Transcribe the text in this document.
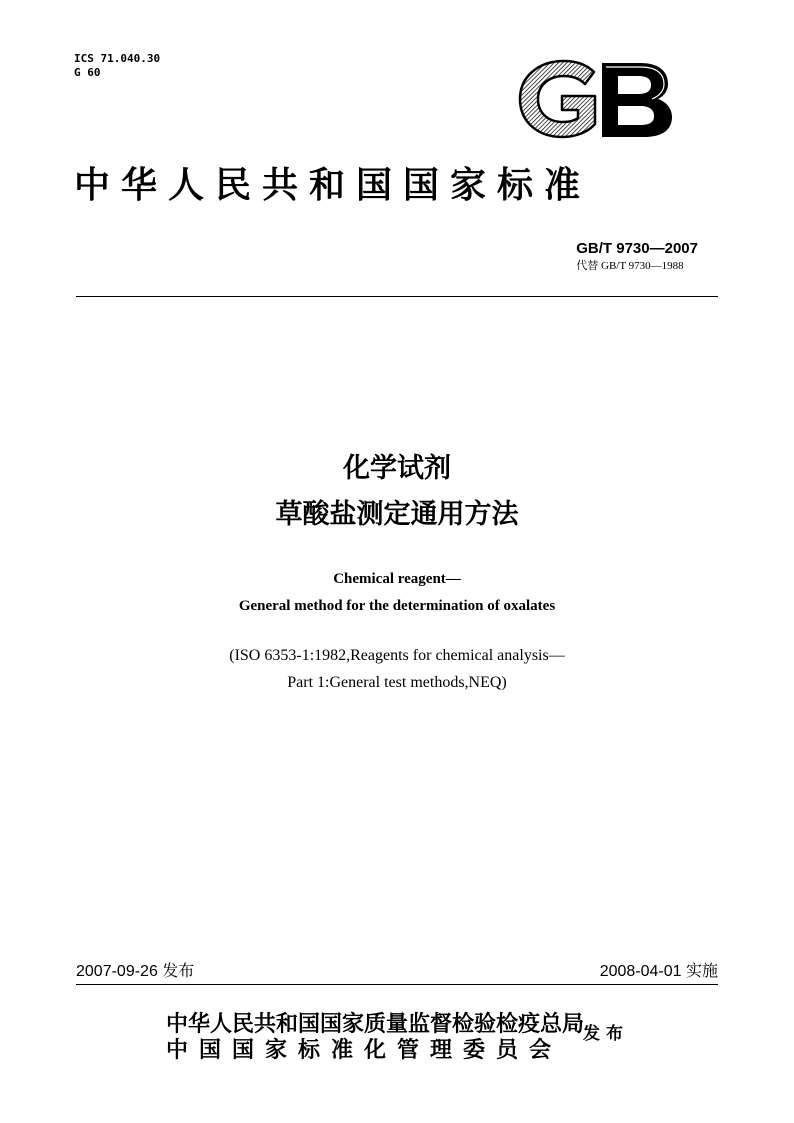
ICS 71.040.30
G 60
中华人民共和国国家标准
GB/T 9730—2007
代替 GB/T 9730—1988
化学试剂
草酸盐测定通用方法
Chemical reagent—
General method for the determination of oxalates
(ISO 6353-1:1982,Reagents for chemical analysis—
Part 1:General test methods,NEQ)
2007-09-26 发布	2008-04-01 实施
中华人民共和国国家质量监督检验检疫总局
中国国家标准化管理委员会
发布
